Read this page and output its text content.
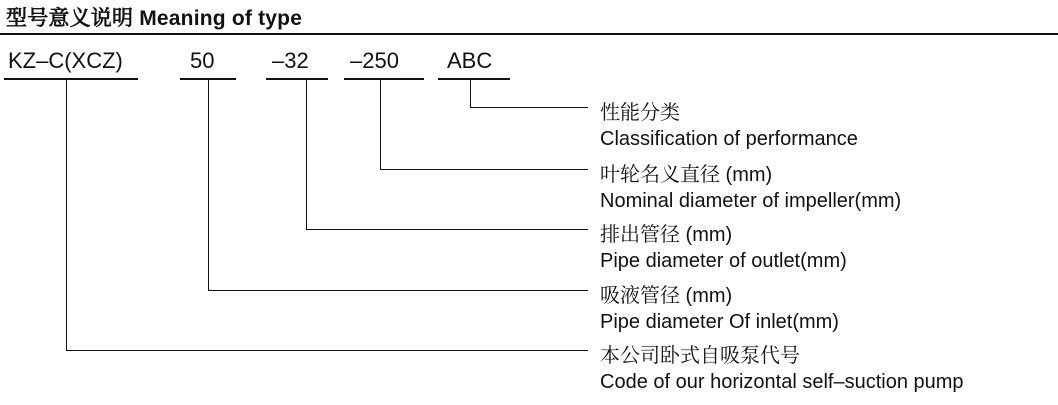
型号意义说明 Meaning of type
KZ–C(XCZ)	50	–32 –250 ABC
性能分类
Classification of performance
叶轮名义直径 (mm)
Nominal diameter of impeller(mm)
排出管径 (mm)
Pipe diameter of outlet(mm)
吸液管径 (mm)
Pipe diameter Of inlet(mm)
本公司卧式自吸泵代号
Code of our horizontal self–suction pump
